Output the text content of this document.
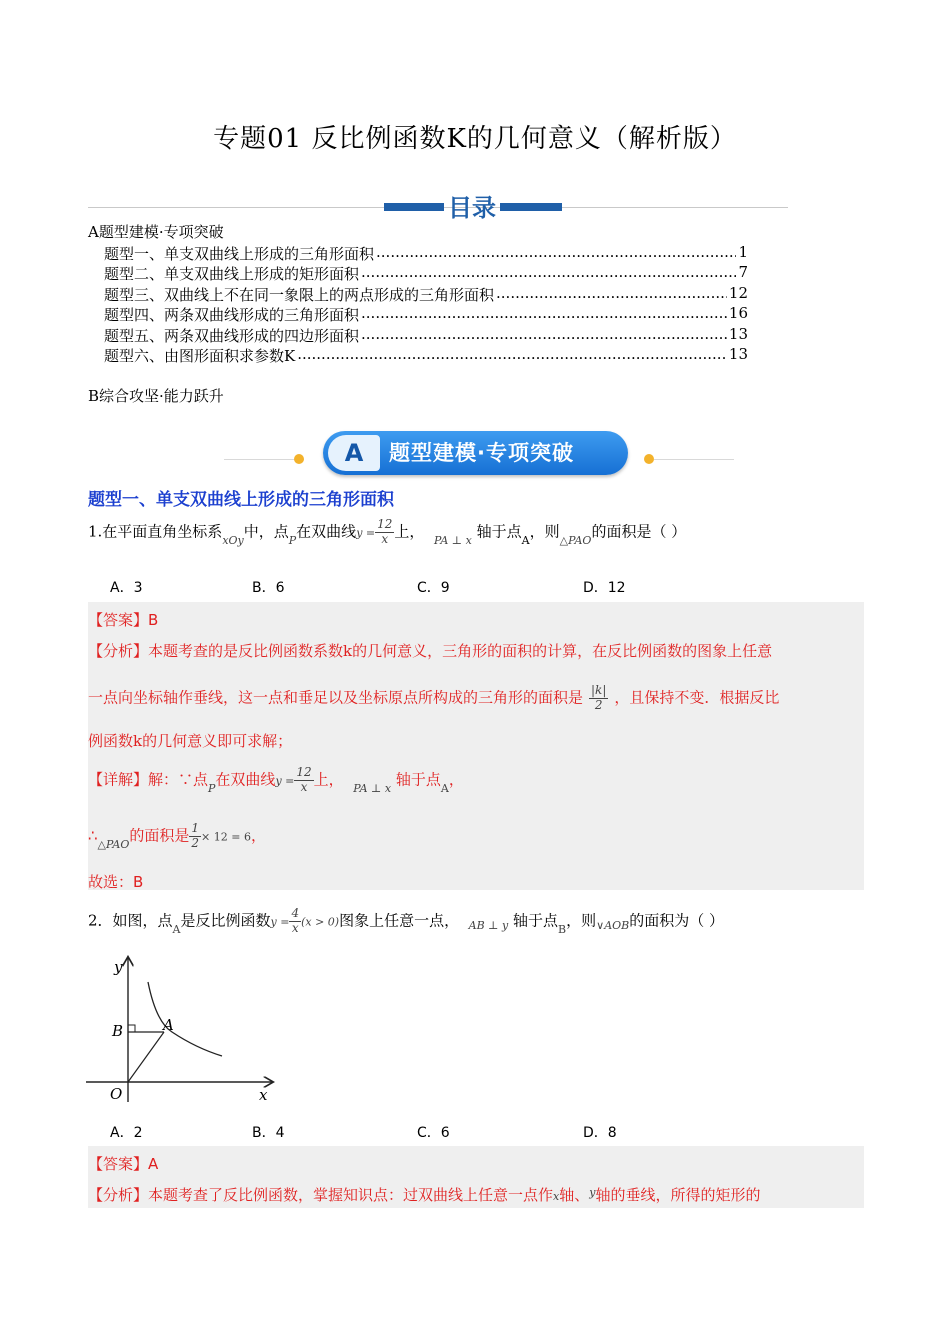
专题01 反比例函数K的几何意义（解析版）
目录
A题型建模·专项突破
题型一、单支双曲线上形成的三角形面积 .....	1
题型二、单支双曲线上形成的矩形面积 .....	7
题型三、双曲线上不在同一象限上的两点形成的三角形面积 .....	12
题型四、两条双曲线形成的三角形面积 .....	16
题型五、两条双曲线形成的四边形面积 .....	13
题型六、由图形面积求参数K .....	13
B综合攻坚·能力跃升
A	题型建模·专项突破
题型一、单支双曲线上形成的三角形面积
1.在平面直角坐标系$_{xOy}$中，点$_P$在双曲线$y = \frac{12}{x}$ 上，  $_{PA \perp x}$ 轴于点$_A$，则$_{\triangle PAO}$的面积是（ ）
A．3	B．6	C．9	D．12
【答案】B
【分析】本题考查的是反比例函数系数k的几何意义，三角形的面积的计算，在反比例函数的图象上任意
一点向坐标轴作垂线，这一点和垂足以及坐标原点所构成的三角形的面积是 $\frac{|k|}{2}$ ，且保持不变．根据反比
例函数k的几何意义即可求解；
【详解】解：∵点$_P$在双曲线$y = \frac{12}{x}$ 上，  $_{PA \perp x}$ 轴于点$_A$，
$\therefore_{\triangle PAO}$的面积是 $\frac{1}{2} \times 12 = 6$，
故选：B
2．如图，点$_A$是反比例函数$y = \frac{4}{x} (x > 0)$图象上任意一点， $_{AB \perp y}$ 轴于点$_B$，则$_{\vee AOB}$的面积为（ ）
y
x
O
B	A
A．2	B．4	C．6	D．8
【答案】A
【分析】本题考查了反比例函数，掌握知识点：过双曲线上任意一点作x轴、$^y$轴的垂线，所得的矩形的
